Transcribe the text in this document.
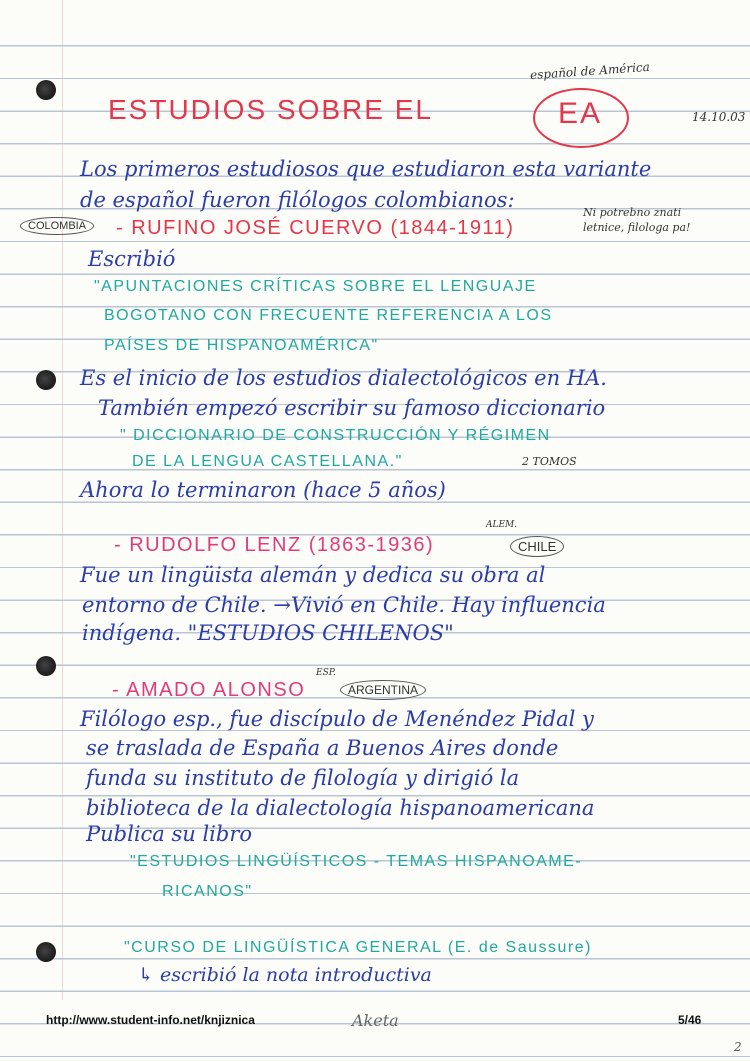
español de América
ESTUDIOS SOBRE EL	EA	14.10.03
Los primeros estudiosos que estudiaron esta variante
de español fueron filólogos colombianos:
COLOMBIA	- RUFINO JOSÉ CUERVO (1844-1911)
Ni potrebno znati
letnice, filologa pa!
Escribió
"APUNTACIONES CRÍTICAS SOBRE EL LENGUAJE
BOGOTANO CON FRECUENTE REFERENCIA A LOS
PAÍSES DE HISPANOAMÉRICA"
Es el inicio de los estudios dialectológicos en HA.
También empezó escribir su famoso diccionario
" DICCIONARIO DE CONSTRUCCIÓN Y RÉGIMEN
DE LA LENGUA CASTELLANA."	2 TOMOS
Ahora lo terminaron (hace 5 años)
- RUDOLFO LENZ (1863-1936)
ALEM.
CHILE
Fue un lingüista alemán y dedica su obra al
entorno de Chile. →Vivió en Chile. Hay influencia
indígena. "ESTUDIOS CHILENOS"
- AMADO ALONSO
ESP.
ARGENTINA
Filólogo esp., fue discípulo de Menéndez Pidal y
se traslada de España a Buenos Aires donde
funda su instituto de filología y dirigió la
biblioteca de la dialectología hispanoamericana
Publica su libro
"ESTUDIOS LINGÜÍSTICOS - TEMAS HISPANOAME-
RICANOS"
"CURSO DE LINGÜÍSTICA GENERAL (E. de Saussure)
↳ escribió la nota introductiva
http://www.student-info.net/knjiznica	Aketa	5/46
2
